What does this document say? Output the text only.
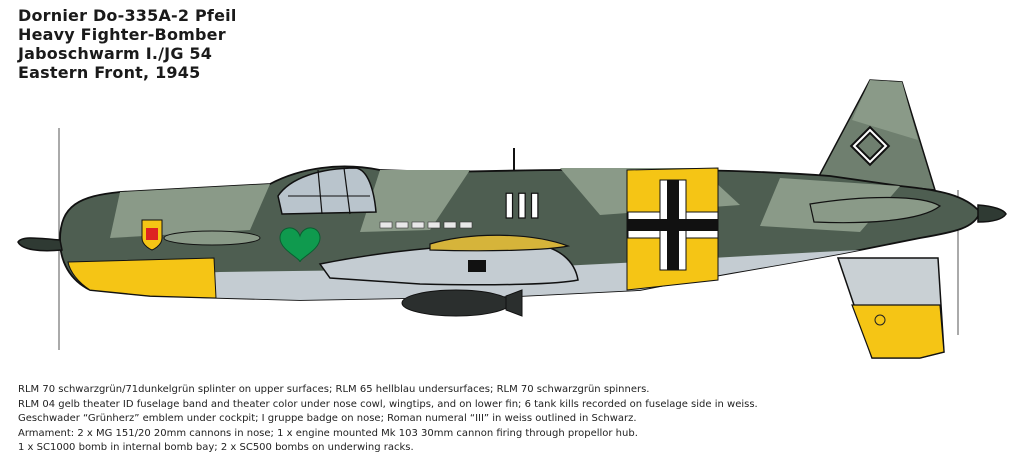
Dornier Do-335A-2 Pfeil
Heavy Fighter-Bomber
Jaboschwarm I./JG 54
Eastern Front, 1945
III
RLM 70 schwarzgrün/71dunkelgrün splinter on upper surfaces; RLM 65 hellblau undersurfaces; RLM 70 schwarzgrün spinners.
RLM 04 gelb theater ID fuselage band and theater color under nose cowl, wingtips, and on lower fin; 6 tank kills recorded on fuselage side in weiss.
Geschwader “Grünherz” emblem under cockpit; I gruppe badge on nose; Roman numeral “III” in weiss outlined in Schwarz.
Armament: 2 x MG 151/20 20mm cannons in nose; 1 x engine mounted Mk 103 30mm cannon firing through propellor hub.
1 x SC1000 bomb in internal bomb bay; 2 x SC500 bombs on underwing racks.
